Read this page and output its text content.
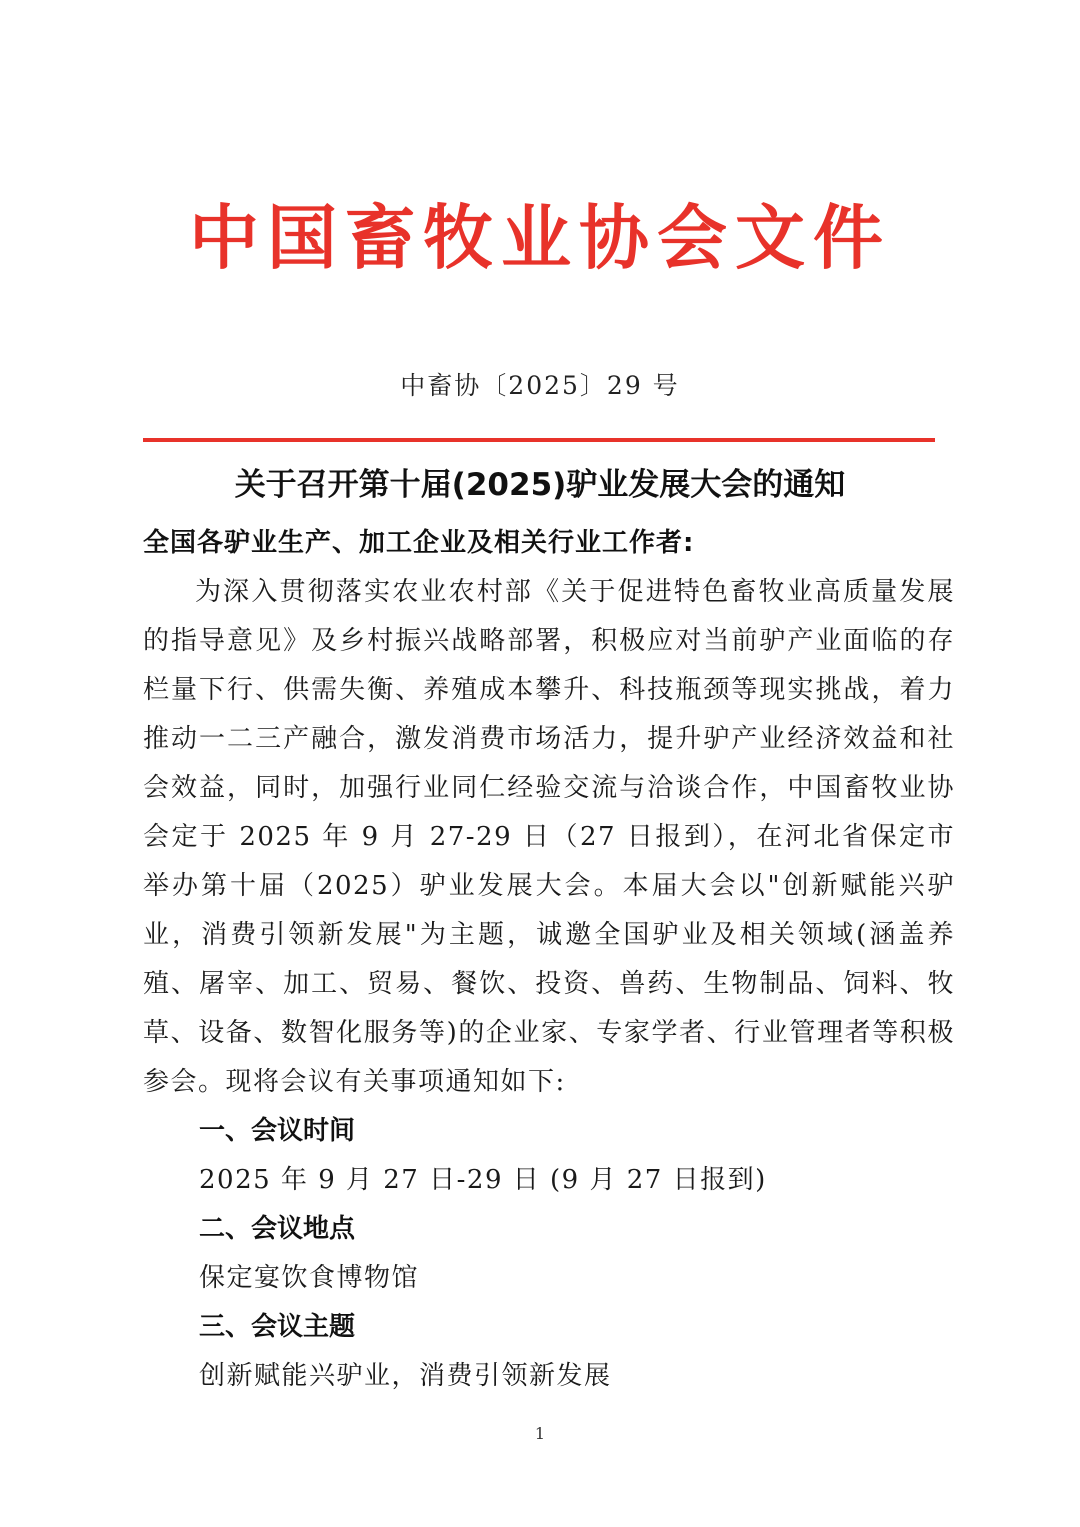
中国畜牧业协会文件
中畜协〔2025〕29 号
关于召开第十届(2025)驴业发展大会的通知
全国各驴业生产、加工企业及相关行业工作者:
为深入贯彻落实农业农村部《关于促进特色畜牧业高质量发展的指导意见》及乡村振兴战略部署，积极应对当前驴产业面临的存栏量下行、供需失衡、养殖成本攀升、科技瓶颈等现实挑战，着力推动一二三产融合，激发消费市场活力，提升驴产业经济效益和社会效益，同时，加强行业同仁经验交流与洽谈合作，中国畜牧业协会定于 2025 年 9 月 27-29 日（27 日报到），在河北省保定市举办第十届（2025）驴业发展大会。本届大会以"创新赋能兴驴业，消费引领新发展"为主题，诚邀全国驴业及相关领域(涵盖养殖、屠宰、加工、贸易、餐饮、投资、兽药、生物制品、饲料、牧草、设备、数智化服务等)的企业家、专家学者、行业管理者等积极参会。现将会议有关事项通知如下:
一、会议时间
2025 年 9 月 27 日-29 日 (9 月 27 日报到)
二、会议地点
保定宴饮食博物馆
三、会议主题
创新赋能兴驴业，消费引领新发展
1
